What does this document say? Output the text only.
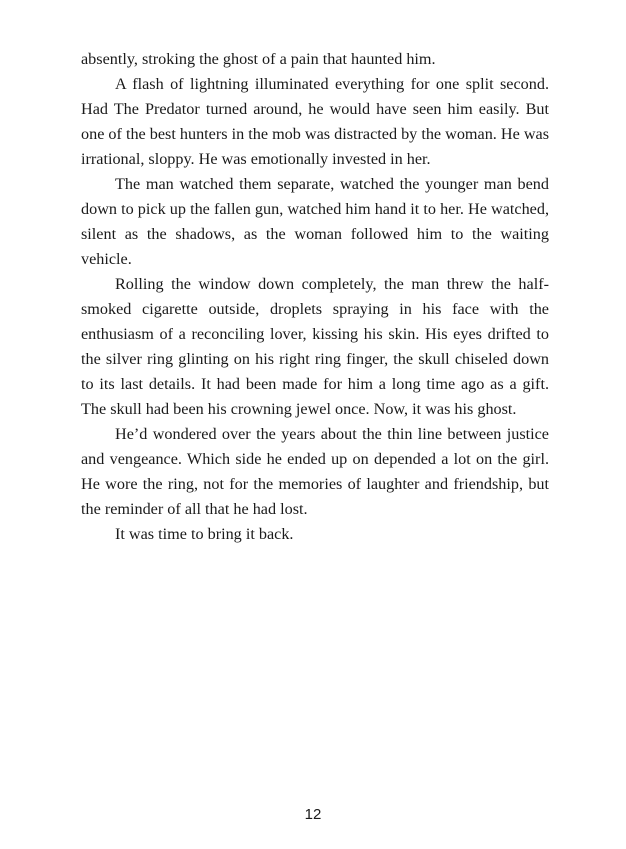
absently, stroking the ghost of a pain that haunted him.

A flash of lightning illuminated everything for one split second. Had The Predator turned around, he would have seen him easily. But one of the best hunters in the mob was distracted by the woman. He was irrational, sloppy. He was emotionally invested in her.

The man watched them separate, watched the younger man bend down to pick up the fallen gun, watched him hand it to her. He watched, silent as the shadows, as the woman followed him to the waiting vehicle.

Rolling the window down completely, the man threw the half-smoked cigarette outside, droplets spraying in his face with the enthusiasm of a reconciling lover, kissing his skin. His eyes drifted to the silver ring glinting on his right ring finger, the skull chiseled down to its last details. It had been made for him a long time ago as a gift. The skull had been his crowning jewel once. Now, it was his ghost.

He’d wondered over the years about the thin line between justice and vengeance. Which side he ended up on depended a lot on the girl. He wore the ring, not for the memories of laughter and friendship, but the reminder of all that he had lost.

It was time to bring it back.

12
